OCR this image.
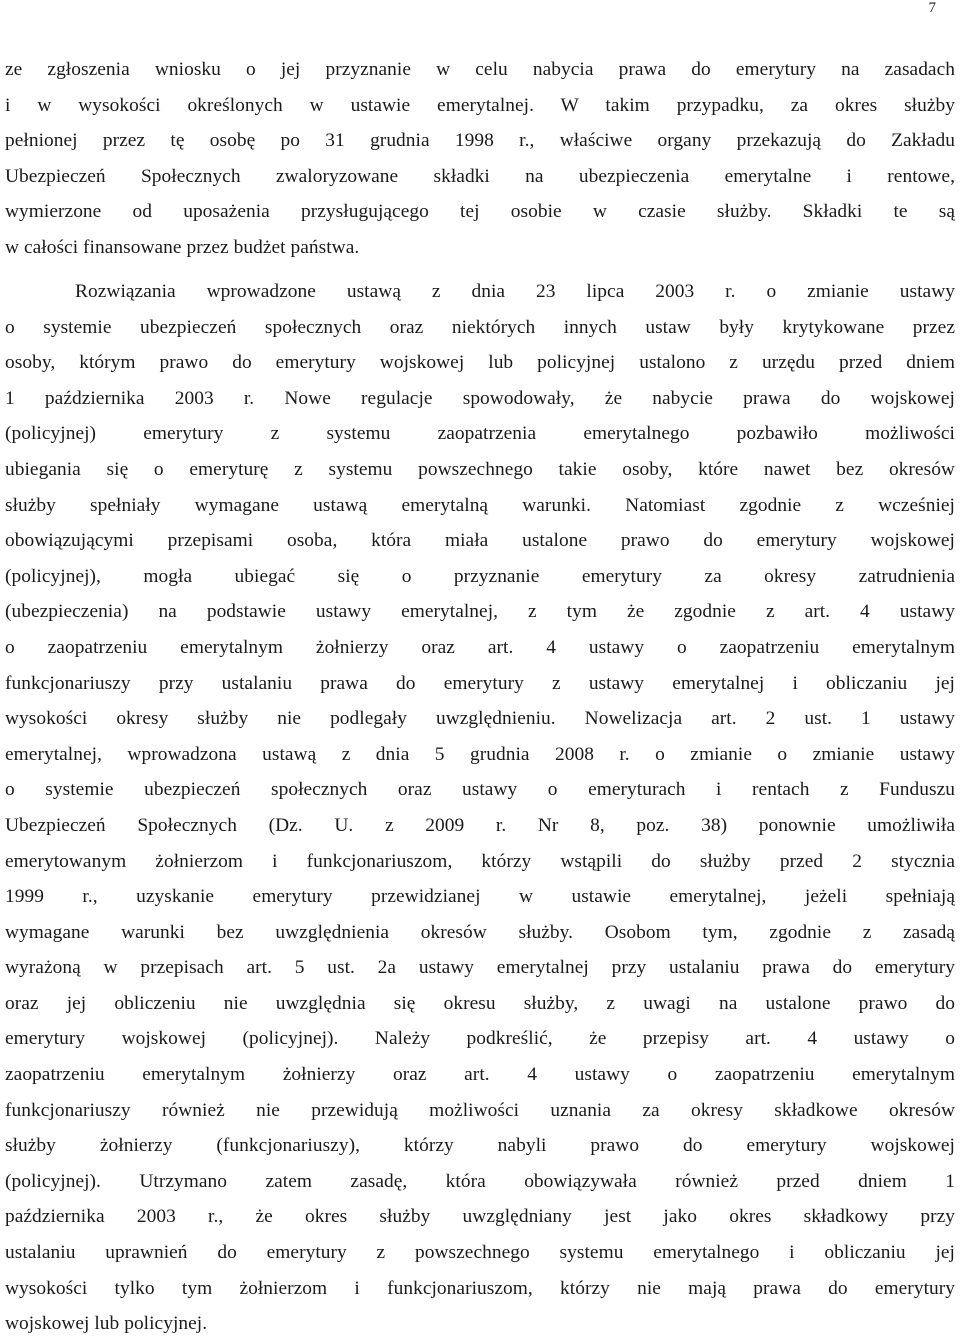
7
ze zgłoszenia wniosku o jej przyznanie w celu nabycia prawa do emerytury na zasadach
i w wysokości określonych w ustawie emerytalnej. W takim przypadku, za okres służby
pełnionej przez tę osobę po 31 grudnia 1998 r., właściwe organy przekazują do Zakładu
Ubezpieczeń Społecznych zwaloryzowane składki na ubezpieczenia emerytalne i rentowe,
wymierzone od uposażenia przysługującego tej osobie w czasie służby. Składki te są
w całości finansowane przez budżet państwa.
Rozwiązania wprowadzone ustawą z dnia 23 lipca 2003 r. o zmianie ustawy
o systemie ubezpieczeń społecznych oraz niektórych innych ustaw były krytykowane przez
osoby, którym prawo do emerytury wojskowej lub policyjnej ustalono z urzędu przed dniem
1 października 2003 r. Nowe regulacje spowodowały, że nabycie prawa do wojskowej
(policyjnej) emerytury z systemu zaopatrzenia emerytalnego pozbawiło możliwości
ubiegania się o emeryturę z systemu powszechnego takie osoby, które nawet bez okresów
służby spełniały wymagane ustawą emerytalną warunki. Natomiast zgodnie z wcześniej
obowiązującymi przepisami osoba, która miała ustalone prawo do emerytury wojskowej
(policyjnej), mogła ubiegać się o przyznanie emerytury za okresy zatrudnienia
(ubezpieczenia) na podstawie ustawy emerytalnej, z tym że zgodnie z art. 4 ustawy
o zaopatrzeniu emerytalnym żołnierzy oraz art. 4 ustawy o zaopatrzeniu emerytalnym
funkcjonariuszy przy ustalaniu prawa do emerytury z ustawy emerytalnej i obliczaniu jej
wysokości okresy służby nie podlegały uwzględnieniu. Nowelizacja art. 2 ust. 1 ustawy
emerytalnej, wprowadzona ustawą z dnia 5 grudnia 2008 r. o zmianie o zmianie ustawy
o systemie ubezpieczeń społecznych oraz ustawy o emeryturach i rentach z Funduszu
Ubezpieczeń Społecznych (Dz. U. z 2009 r. Nr 8, poz. 38) ponownie umożliwiła
emerytowanym żołnierzom i funkcjonariuszom, którzy wstąpili do służby przed 2 stycznia
1999 r., uzyskanie emerytury przewidzianej w ustawie emerytalnej, jeżeli spełniają
wymagane warunki bez uwzględnienia okresów służby. Osobom tym, zgodnie z zasadą
wyrażoną w przepisach art. 5 ust. 2a ustawy emerytalnej przy ustalaniu prawa do emerytury
oraz jej obliczeniu nie uwzględnia się okresu służby, z uwagi na ustalone prawo do
emerytury wojskowej (policyjnej). Należy podkreślić, że przepisy art. 4 ustawy o
zaopatrzeniu emerytalnym żołnierzy oraz art. 4 ustawy o zaopatrzeniu emerytalnym
funkcjonariuszy również nie przewidują możliwości uznania za okresy składkowe okresów
służby żołnierzy (funkcjonariuszy), którzy nabyli prawo do emerytury wojskowej
(policyjnej). Utrzymano zatem zasadę, która obowiązywała również przed dniem 1
października 2003 r., że okres służby uwzględniany jest jako okres składkowy przy
ustalaniu uprawnień do emerytury z powszechnego systemu emerytalnego i obliczaniu jej
wysokości tylko tym żołnierzom i funkcjonariuszom, którzy nie mają prawa do emerytury
wojskowej lub policyjnej.
